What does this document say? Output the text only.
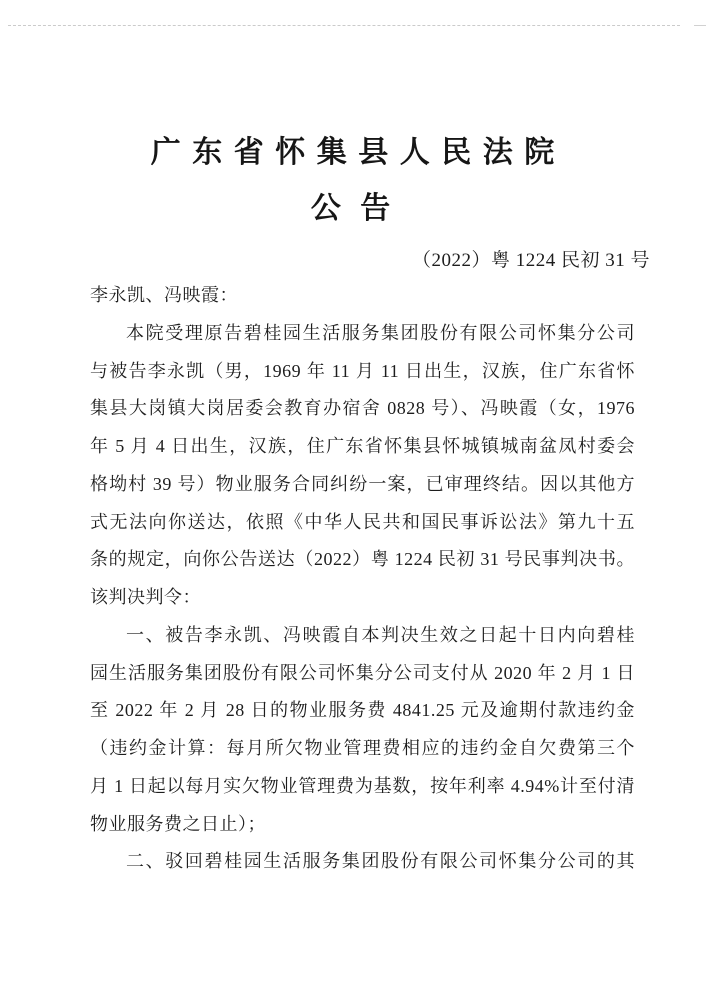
广 东 省 怀 集 县 人 民 法 院
公 告
（2022）粤 1224 民初 31 号
李永凯、冯映霞：
本院受理原告碧桂园生活服务集团股份有限公司怀集分公司
与被告李永凯（男，1969 年 11 月 11 日出生，汉族，住广东省怀
集县大岗镇大岗居委会教育办宿舍 0828 号）、冯映霞（女，1976
年 5 月 4 日出生，汉族，住广东省怀集县怀城镇城南盆凤村委会
格坳村 39 号）物业服务合同纠纷一案，已审理终结。因以其他方
式无法向你送达，依照《中华人民共和国民事诉讼法》第九十五
条的规定，向你公告送达（2022）粤 1224 民初 31 号民事判决书。
该判决判令：
一、被告李永凯、冯映霞自本判决生效之日起十日内向碧桂
园生活服务集团股份有限公司怀集分公司支付从 2020 年 2 月 1 日
至 2022 年 2 月 28 日的物业服务费 4841.25 元及逾期付款违约金
（违约金计算：每月所欠物业管理费相应的违约金自欠费第三个
月 1 日起以每月实欠物业管理费为基数，按年利率 4.94%计至付清
物业服务费之日止）；
二、驳回碧桂园生活服务集团股份有限公司怀集分公司的其
